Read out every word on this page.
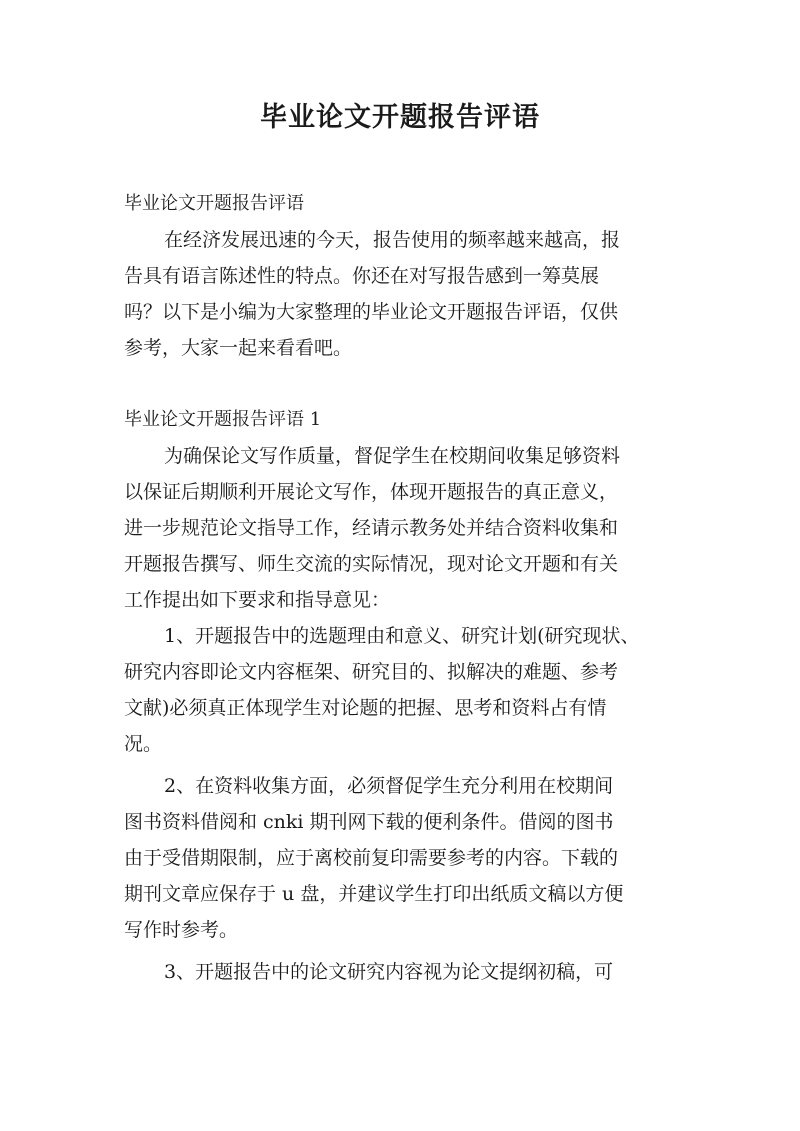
毕业论文开题报告评语
毕业论文开题报告评语
在经济发展迅速的今天，报告使用的频率越来越高，报
告具有语言陈述性的特点。你还在对写报告感到一筹莫展
吗？以下是小编为大家整理的毕业论文开题报告评语，仅供
参考，大家一起来看看吧。
毕业论文开题报告评语 1
为确保论文写作质量，督促学生在校期间收集足够资料
以保证后期顺利开展论文写作，体现开题报告的真正意义，
进一步规范论文指导工作，经请示教务处并结合资料收集和
开题报告撰写、师生交流的实际情况，现对论文开题和有关
工作提出如下要求和指导意见：
1、开题报告中的选题理由和意义、研究计划(研究现状、
研究内容即论文内容框架、研究目的、拟解决的难题、参考
文献)必须真正体现学生对论题的把握、思考和资料占有情
况。
2、在资料收集方面，必须督促学生充分利用在校期间
图书资料借阅和 cnki 期刊网下载的便利条件。借阅的图书
由于受借期限制，应于离校前复印需要参考的内容。下载的
期刊文章应保存于 u 盘，并建议学生打印出纸质文稿以方便
写作时参考。
3、开题报告中的论文研究内容视为论文提纲初稿，可
